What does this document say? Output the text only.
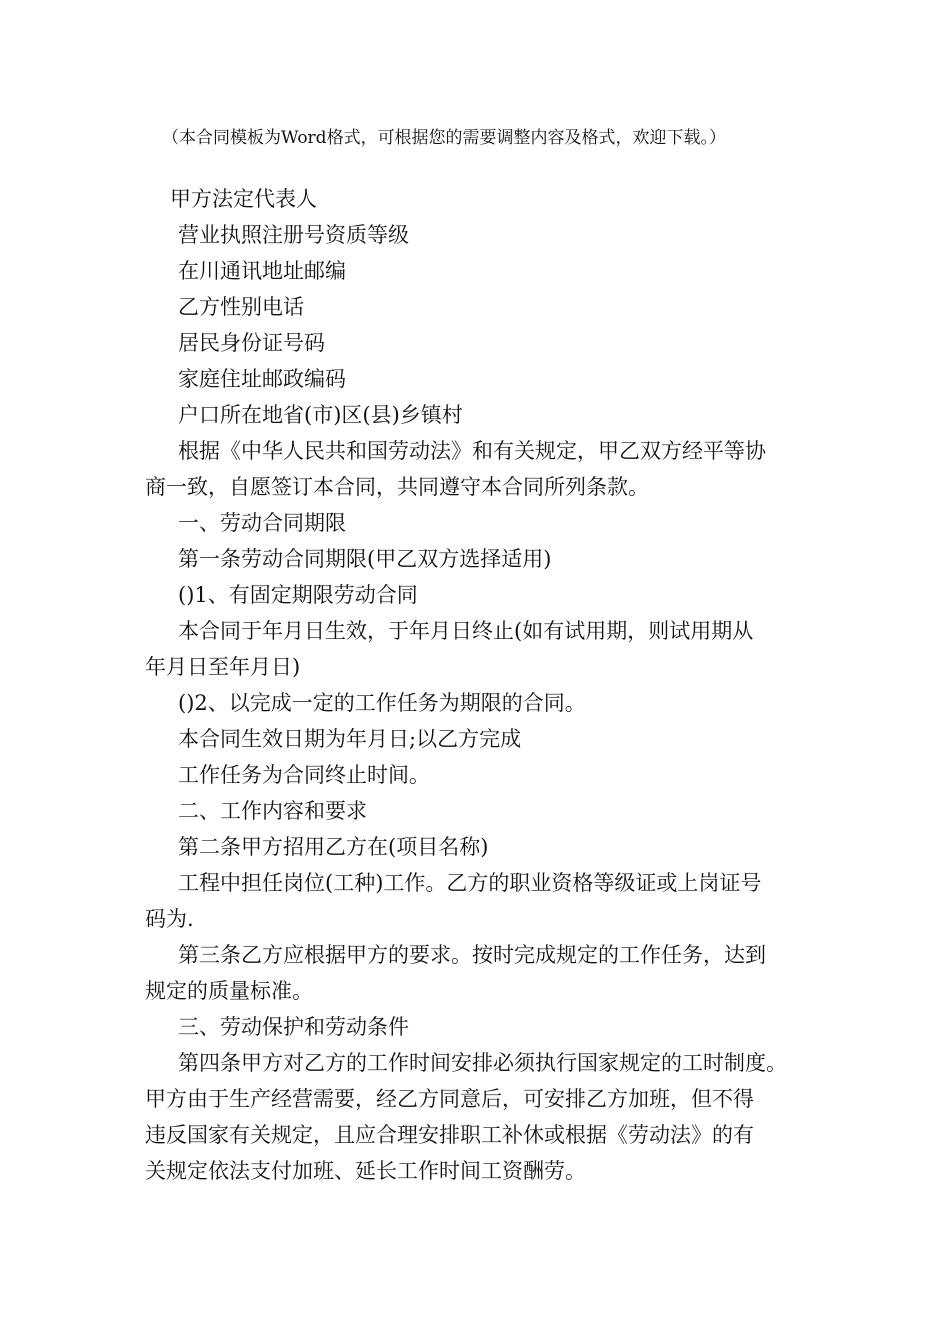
（本合同模板为Word格式，可根据您的需要调整内容及格式，欢迎下载。）
甲方法定代表人
营业执照注册号资质等级
在川通讯地址邮编
乙方性别电话
居民身份证号码
家庭住址邮政编码
户口所在地省(市)区(县)乡镇村
根据《中华人民共和国劳动法》和有关规定，甲乙双方经平等协
商一致，自愿签订本合同，共同遵守本合同所列条款。
一、劳动合同期限
第一条劳动合同期限(甲乙双方选择适用)
()1、有固定期限劳动合同
本合同于年月日生效，于年月日终止(如有试用期，则试用期从
年月日至年月日)
()2、以完成一定的工作任务为期限的合同。
本合同生效日期为年月日;以乙方完成
工作任务为合同终止时间。
二、工作内容和要求
第二条甲方招用乙方在(项目名称)
工程中担任岗位(工种)工作。乙方的职业资格等级证或上岗证号
码为.
第三条乙方应根据甲方的要求。按时完成规定的工作任务，达到
规定的质量标准。
三、劳动保护和劳动条件
第四条甲方对乙方的工作时间安排必须执行国家规定的工时制度。
甲方由于生产经营需要，经乙方同意后，可安排乙方加班，但不得
违反国家有关规定，且应合理安排职工补休或根据《劳动法》的有
关规定依法支付加班、延长工作时间工资酬劳。
